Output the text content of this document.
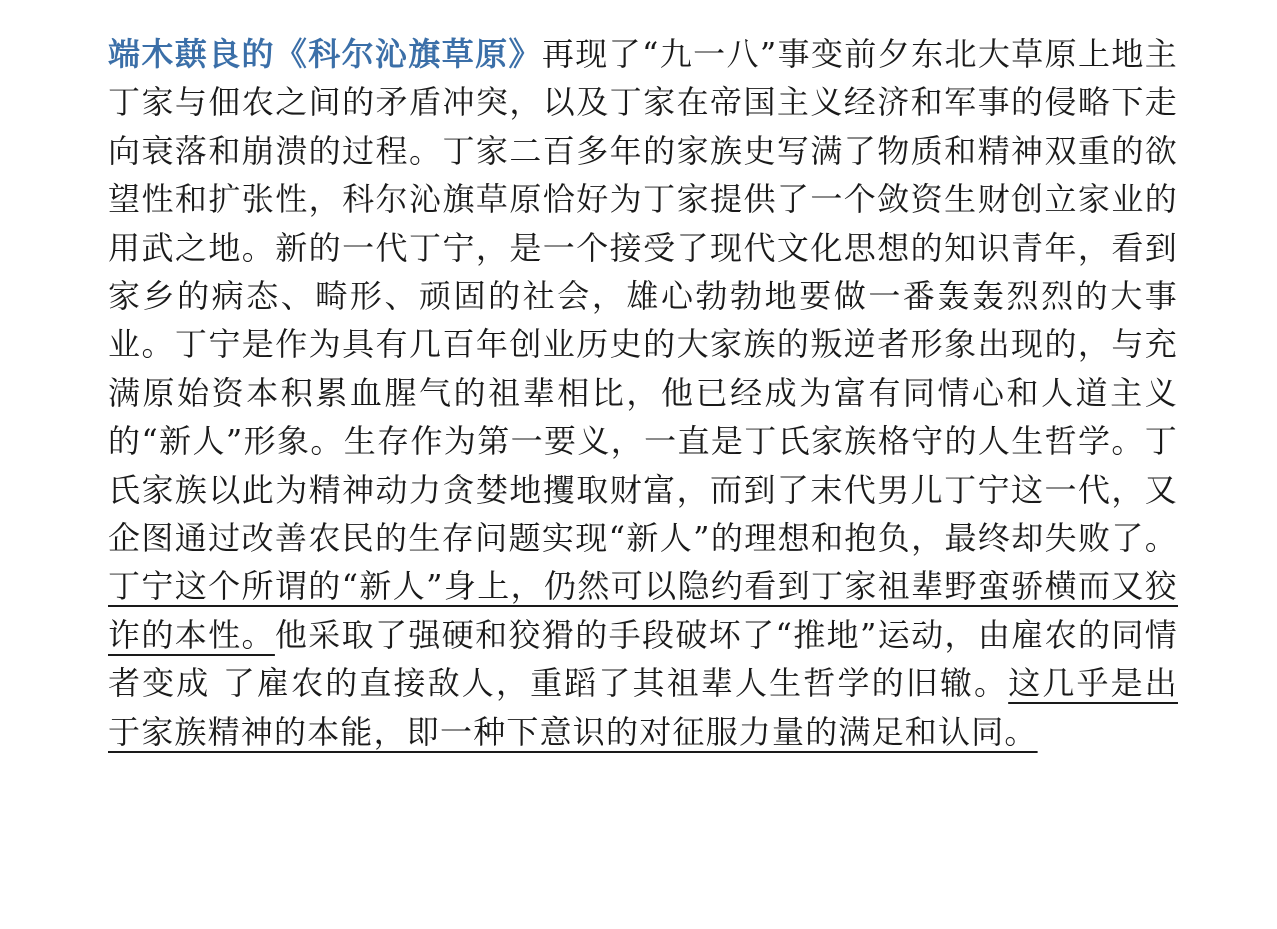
端木蕻良的《科尔沁旗草原》再现了“九一八”事变前夕东北大草原上地主丁家与佃农之间的矛盾冲突，以及丁家在帝国主义经济和军事的侵略下走向衰落和崩溃的过程。丁家二百多年的家族史写满了物质和精神双重的欲望性和扩张性，科尔沁旗草原恰好为丁家提供了一个敛资生财创立家业的用武之地。新的一代丁宁，是一个接受了现代文化思想的知识青年，看到家乡的病态、畸形、顽固的社会，雄心勃勃地要做一番轰轰烈烈的大事业。丁宁是作为具有几百年创业历史的大家族的叛逆者形象出现的，与充满原始资本积累血腥气的祖辈相比，他已经成为富有同情心和人道主义的“新人”形象。生存作为第一要义，一直是丁氏家族格守的人生哲学。丁氏家族以此为精神动力贪婪地攫取财富，而到了末代男儿丁宁这一代，又企图通过改善农民的生存问题实现“新人”的理想和抱负，最终却失败了。丁宁这个所谓的“新人”身上，仍然可以隐约看到丁家祖辈野蛮骄横而又狡诈的本性。他采取了强硬和狡猾的手段破坏了“推地”运动，由雇农的同情者变成 了雇农的直接敌人，重蹈了其祖辈人生哲学的旧辙。这几乎是出于家族精神的本能，即一种下意识的对征服力量的满足和认同。
